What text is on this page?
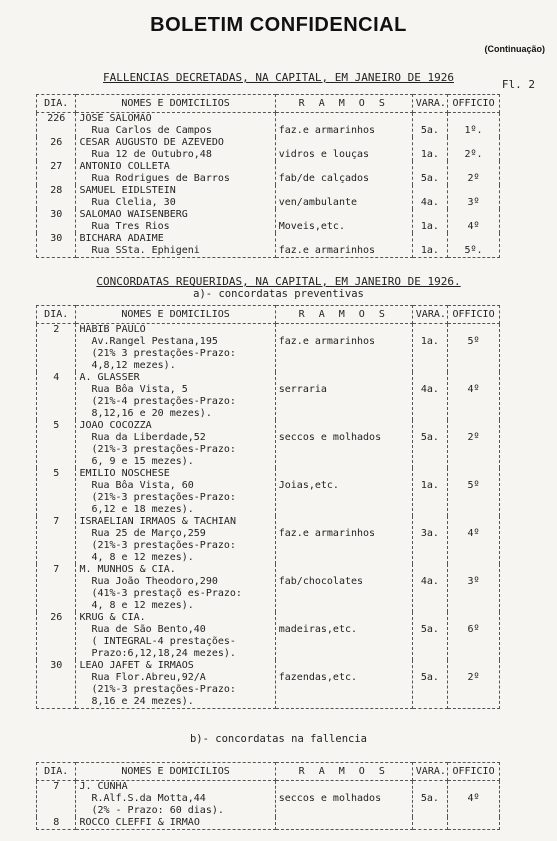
BOLETIM CONFIDENCIAL
(Continuação)
FALLENCIAS DECRETADAS, NA CAPITAL, EM JANEIRO DE 1926
Fl. 2
DIA.	NOMES E DOMICILIOS	R A M O S	VARA.	OFFICIO
226	JOSÉ SALOMÃO
Rua Carlos de Campos	faz.e armarinhos	5a.	1º.
26	CESAR AUGUSTO DE AZEVEDO
Rua 12 de Outubro,48	vidros e louças	1a.	2º.
27	ANTONIO COLLETA
Rua Rodrigues de Barros	fab/de calçados	5a.	2º
28	SAMUEL EIDLSTEIN
Rua Clelia, 30	ven/ambulante	4a.	3º
30	SALOMÃO WAISENBERG
Rua Tres Rios	Moveis,etc.	1a.	4º
30	BICHARA ADAIME
Rua SSta. Ephigeni	faz.e armarinhos	1a.	5º.
CONCORDATAS REQUERIDAS, NA CAPITAL, EM JANEIRO DE 1926.
a)- concordatas preventivas
DIA.	NOMES E DOMICILIOS	R A M O S	VARA.	OFFICIO
2	HABIB PAULO
Av.Rangel Pestana,195
(21% 3 prestações-Prazo:
4,8,12 mezes).	faz.e armarinhos	1a.	5º
4	A. GLASSER
Rua Bôa Vista, 5
(21%-4 prestações-Prazo:
8,12,16 e 20 mezes).	serraria	4a.	4º
5	JOÃO COCOZZA
Rua da Liberdade,52
(21%-3 prestações-Prazo:
6, 9 e 15 mezes).	seccos e molhados	5a.	2º
5	EMILIO NOSCHESE
Rua Bôa Vista, 60
(21%-3 prestações-Prazo:
6,12 e 18 mezes).	Joias,etc.	1a.	5º
7	ISRAELIAN IRMÃOS & TACHIAN
Rua 25 de Março,259
(21%-3 prestações-Prazo:
4, 8 e 12 mezes).	faz.e armarinhos	3a.	4º
7	M. MUNHÓS & CIA.
Rua João Theodoro,290
(41%-3 prestaçõ es-Prazo:
4, 8 e 12 mezes).	fab/chocolates	4a.	3º
26	KRUG & CIA.
Rua de São Bento,40
( INTEGRAL-4 prestações-
Prazo:6,12,18,24 mezes).	madeiras,etc.	5a.	6º
30	LEÃO JAFET & IRMÃOS
Rua Flor.Abreu,92/A
(21%-3 prestações-Prazo:
8,16 e 24 mezes).	fazendas,etc.	5a.	2º
b)- concordatas na fallencia
DIA.	NOMES E DOMICILIOS	R A M O S	VARA.	OFFICIO
7	J. CUNHA
R.Alf.S.da Motta,44
(2% - Prazo: 60 dias).	seccos e molhados	5a.	4º
8	ROCCO CLEFFI & IRMÃO			
